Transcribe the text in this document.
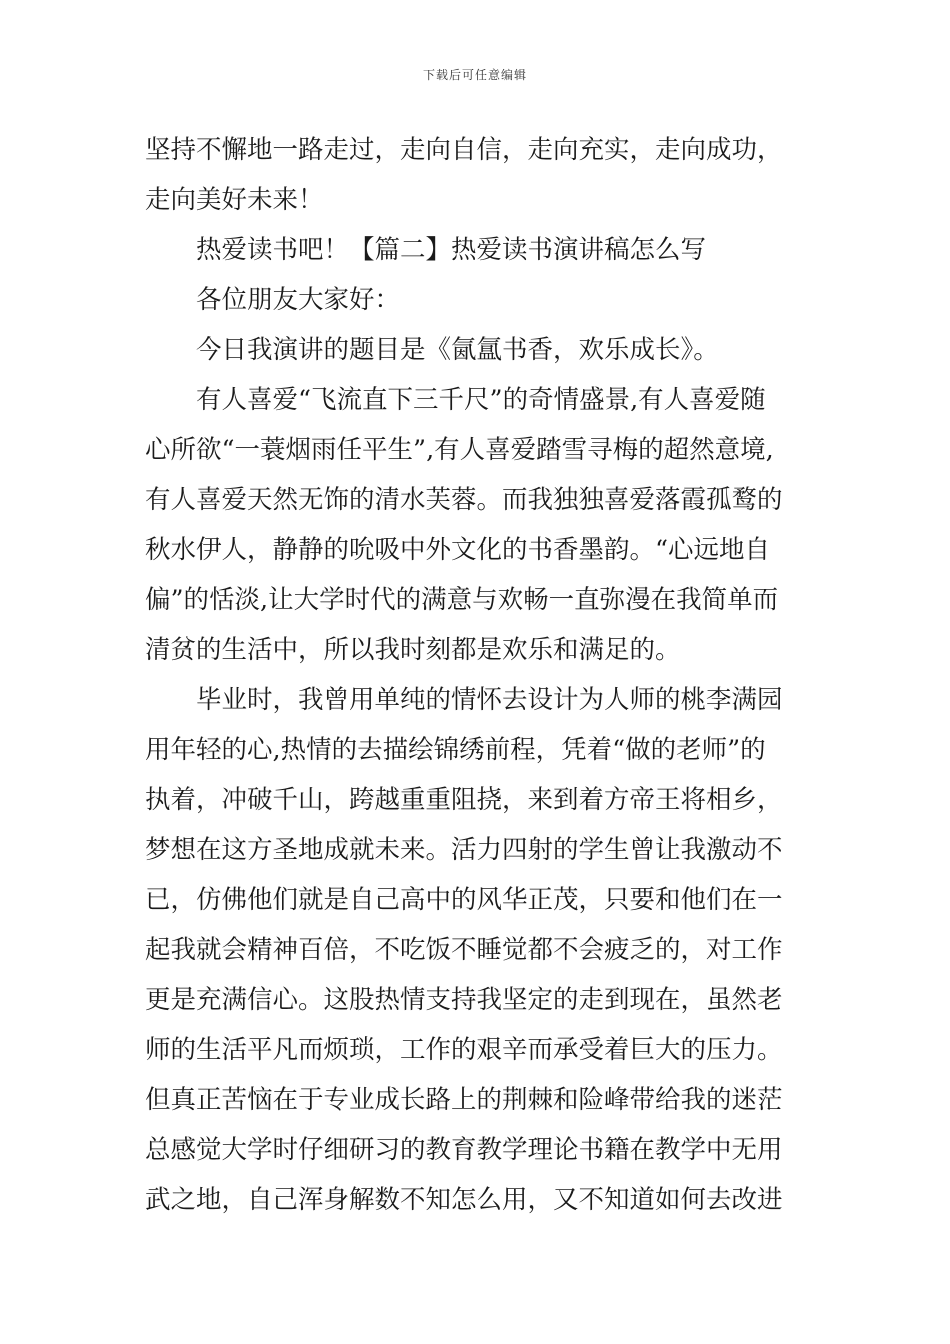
下载后可任意编辑
坚持不懈地一路走过，走向自信，走向充实，走向成功，
走向美好未来！
热爱读书吧！【篇二】热爱读书演讲稿怎么写
各位朋友大家好：
今日我演讲的题目是《氤氲书香，欢乐成长》。
有人喜爱“飞流直下三千尺”的奇情盛景,有人喜爱随
心所欲“一蓑烟雨任平生”,有人喜爱踏雪寻梅的超然意境,
有人喜爱天然无饰的清水芙蓉。而我独独喜爱落霞孤鹜的
秋水伊人，静静的吮吸中外文化的书香墨韵。“心远地自
偏”的恬淡,让大学时代的满意与欢畅一直弥漫在我简单而
清贫的生活中，所以我时刻都是欢乐和满足的。
毕业时，我曾用单纯的情怀去设计为人师的桃李满园
用年轻的心,热情的去描绘锦绣前程，凭着“做的老师”的
执着，冲破千山，跨越重重阻挠，来到着方帝王将相乡，
梦想在这方圣地成就未来。活力四射的学生曾让我激动不
已，仿佛他们就是自己高中的风华正茂，只要和他们在一
起我就会精神百倍，不吃饭不睡觉都不会疲乏的，对工作
更是充满信心。这股热情支持我坚定的走到现在，虽然老
师的生活平凡而烦琐，工作的艰辛而承受着巨大的压力。
但真正苦恼在于专业成长路上的荆棘和险峰带给我的迷茫
总感觉大学时仔细研习的教育教学理论书籍在教学中无用
武之地，自己浑身解数不知怎么用，又不知道如何去改进
